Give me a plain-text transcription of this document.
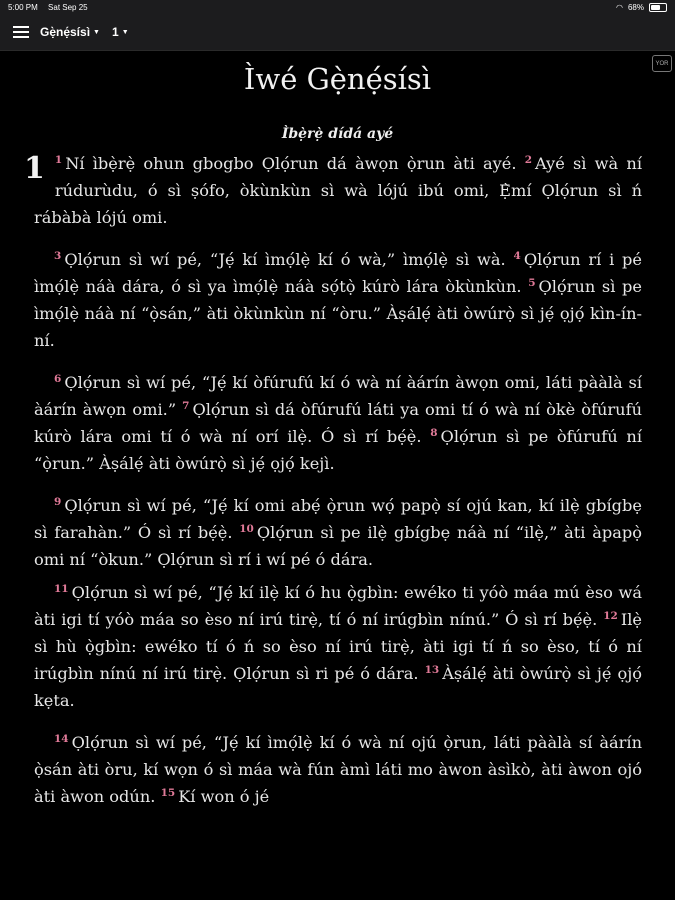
5:00 PM Sat Sep 25	◠ 68%
Gẹ̀nẹ́sísì ▼ 1 ▼
YOR
Ìwé Gẹ̀nẹ́sísì
Ìbẹ̀rẹ̀ dídá ayé

1 $^1$ Ní ìbẹ̀rẹ̀ ohun gbogbo Ọlọ́run dá àwọn ọ̀run àti ayé. $^2$ Ayé sì wà ní rúdurùdu, ó sì ṣófo, òkùnkùn sì wà lójú ibú omi, Ẹ̀mí Ọlọ́run sì ń rábàbà lójú omi.

$^3$ Ọlọ́run sì wí pé, “Jẹ́ kí ìmọ́lẹ̀ kí ó wà,” ìmọ́lẹ̀ sì wà. $^4$ Ọlọ́run rí i pé ìmọ́lẹ̀ náà dára, ó sì ya ìmọ́lẹ̀ náà sọ́tọ̀ kúrò lára òkùnkùn. $^5$ Ọlọ́run sì pe ìmọ́lẹ̀ náà ní “ọ̀sán,” àti òkùnkùn ní “òru.” Àṣálẹ́ àti òwúrọ̀ sì jẹ́ ọjọ́ kìn-ín-ní.

$^6$ Ọlọ́run sì wí pé, “Jẹ́ kí òfúrufú kí ó wà ní àárín àwọn omi, láti pààlà sí àárín àwọn omi.” $^7$ Ọlọ́run sì dá òfúrufú láti ya omi tí ó wà ní òkè òfúrufú kúrò lára omi tí ó wà ní orí ilẹ̀. Ó sì rí bẹ́ẹ̀. $^8$ Ọlọ́run sì pe òfúrufú ní “ọ̀run.” Àṣálẹ́ àti òwúrọ̀ sì jẹ́ ọjọ́ kejì.

$^9$ Ọlọ́run sì wí pé, “Jẹ́ kí omi abẹ́ ọ̀run wọ́ papọ̀ sí ojú kan, kí ilẹ̀ gbígbẹ sì farahàn.” Ó sì rí bẹ́ẹ̀. $^{10}$ Ọlọ́run sì pe ilẹ̀ gbígbẹ náà ní “ilẹ̀,” àti àpapọ̀ omi ní “òkun.” Ọlọ́run sì rí i wí pé ó dára.

$^{11}$ Ọlọ́run sì wí pé, “Jẹ́ kí ilẹ̀ kí ó hu ọ̀gbìn: ewéko ti yóò máa mú èso wá àti igi tí yóò máa so èso ní irú tirẹ̀, tí ó ní irúgbìn nínú.” Ó sì rí bẹ́ẹ̀. $^{12}$ Ilẹ̀ sì hù ọ̀gbìn: ewéko tí ó ń so èso ní irú tirẹ̀, àti igi tí ń so èso, tí ó ní irúgbìn nínú ní irú tirẹ̀. Ọlọ́run sì ri pé ó dára. $^{13}$ Àṣálẹ́ àti òwúrọ̀ sì jẹ́ ọjọ́ kẹta.

$^{14}$ Ọlọ́run sì wí pé, “Jẹ́ kí ìmọ́lẹ̀ kí ó wà ní ojú ọ̀run, láti pààlà sí àárín ọ̀sán àti òru, kí wọn ó sì máa wà fún àmì láti mo àwon àsìkò, àti àwon ojó àti àwon odún. $^{15}$ Kí won ó jé
